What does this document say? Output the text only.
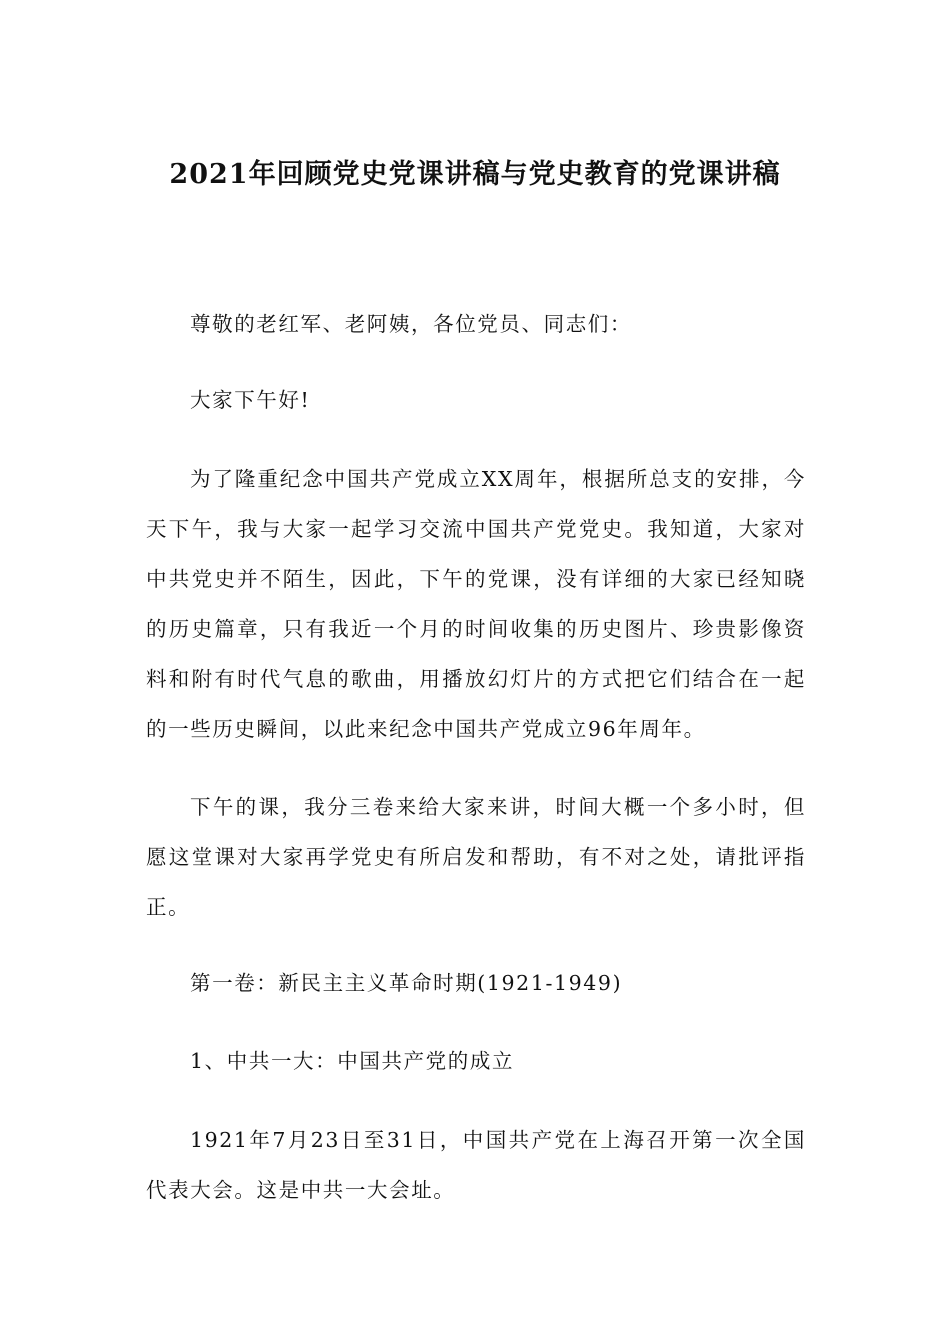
2021年回顾党史党课讲稿与党史教育的党课讲稿

尊敬的老红军、老阿姨，各位党员、同志们：

大家下午好!

为了隆重纪念中国共产党成立XX周年，根据所总支的安排，今天下午，我与大家一起学习交流中国共产党党史。我知道，大家对中共党史并不陌生，因此，下午的党课，没有详细的大家已经知晓的历史篇章，只有我近一个月的时间收集的历史图片、珍贵影像资料和附有时代气息的歌曲，用播放幻灯片的方式把它们结合在一起的一些历史瞬间，以此来纪念中国共产党成立96年周年。

下午的课，我分三卷来给大家来讲，时间大概一个多小时，但愿这堂课对大家再学党史有所启发和帮助，有不对之处，请批评指正。

第一卷：新民主主义革命时期(1921-1949)

1、中共一大：中国共产党的成立

1921年7月23日至31日，中国共产党在上海召开第一次全国代表大会。这是中共一大会址。
